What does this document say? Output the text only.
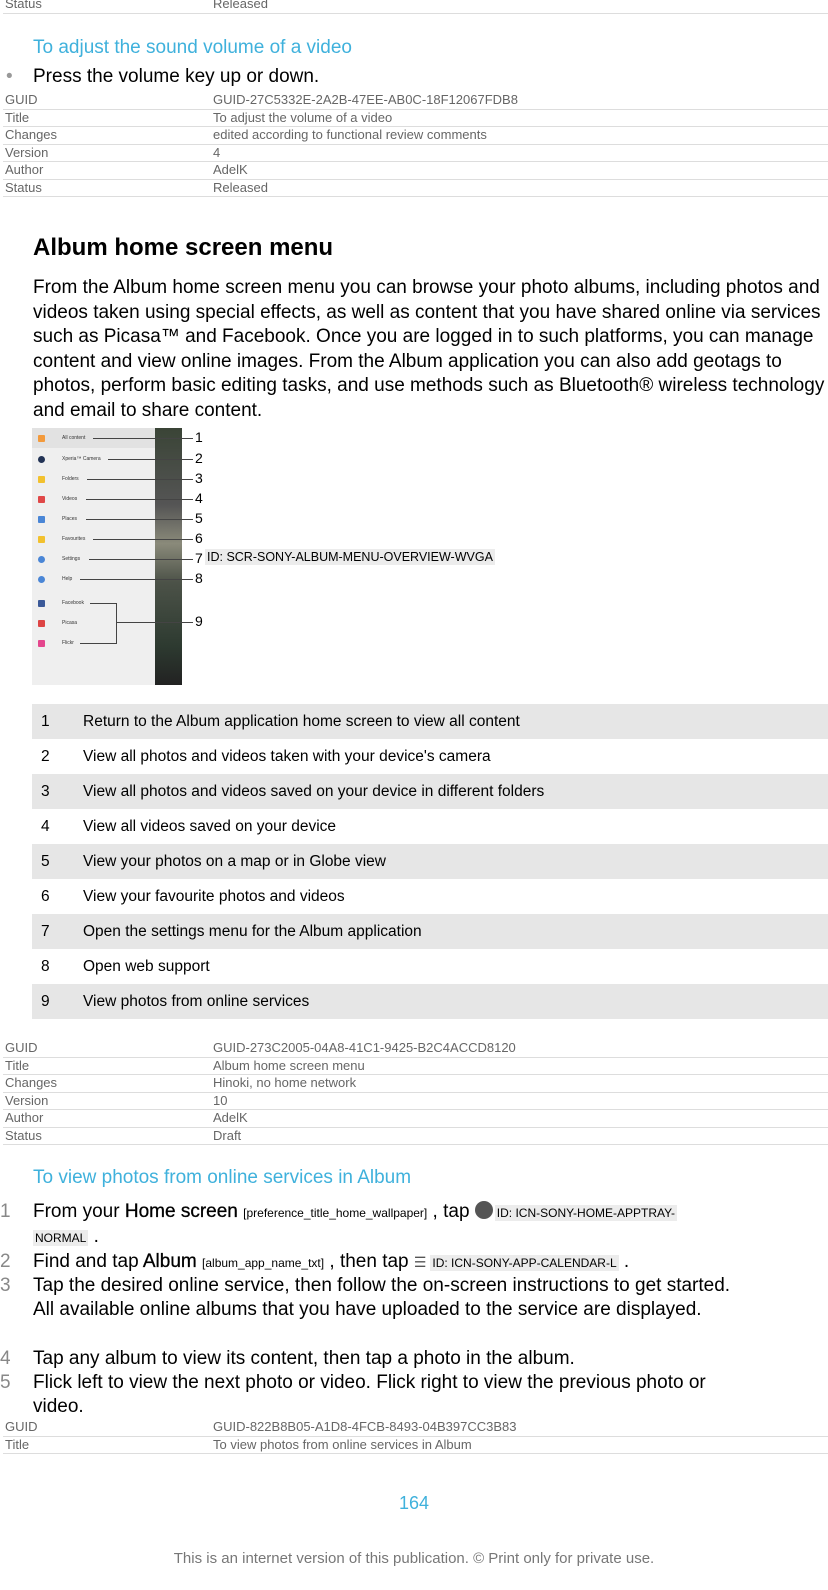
Status	Released
To adjust the sound volume of a video
• Press the volume key up or down.
GUID	GUID-27C5332E-2A2B-47EE-AB0C-18F12067FDB8
Title	To adjust the volume of a video
Changes	edited according to functional review comments
Version	4
Author	AdelK
Status	Released
Album home screen menu
From the Album home screen menu you can browse your photo albums, including photos and videos taken using special effects, as well as content that you have shared online via services such as Picasa™ and Facebook. Once you are logged in to such platforms, you can manage content and view online images. From the Album application you can also add geotags to photos, perform basic editing tasks, and use methods such as Bluetooth® wireless technology and email to share content.
All content
Xperia™ Camera
Folders
Videos
Places
Favourites
Settings
Help
Facebook
Picasa
Flickr
1
2
3
4
5
6
7
8
9
ID: SCR-SONY-ALBUM-MENU-OVERVIEW-WVGA
1	Return to the Album application home screen to view all content
2	View all photos and videos taken with your device's camera
3	View all photos and videos saved on your device in different folders
4	View all videos saved on your device
5	View your photos on a map or in Globe view
6	View your favourite photos and videos
7	Open the settings menu for the Album application
8	Open web support
9	View photos from online services
GUID	GUID-273C2005-04A8-41C1-9425-B2C4ACCD8120
Title	Album home screen menu
Changes	Hinoki, no home network
Version	10
Author	AdelK
Status	Draft
To view photos from online services in Album
1	From your Home screen [preference_title_home_wallpaper] , tap ID: ICN-SONY-HOME-APPTRAY-
NORMAL .
2	Find and tap Album [album_app_name_txt] , then tap ☰ ID: ICN-SONY-APP-CALENDAR-L .
3	Tap the desired online service, then follow the on-screen instructions to get started. All available online albums that you have uploaded to the service are displayed.
4	Tap any album to view its content, then tap a photo in the album.
5	Flick left to view the next photo or video. Flick right to view the previous photo or video.
GUID	GUID-822B8B05-A1D8-4FCB-8493-04B397CC3B83
Title	To view photos from online services in Album
164
This is an internet version of this publication. © Print only for private use.
